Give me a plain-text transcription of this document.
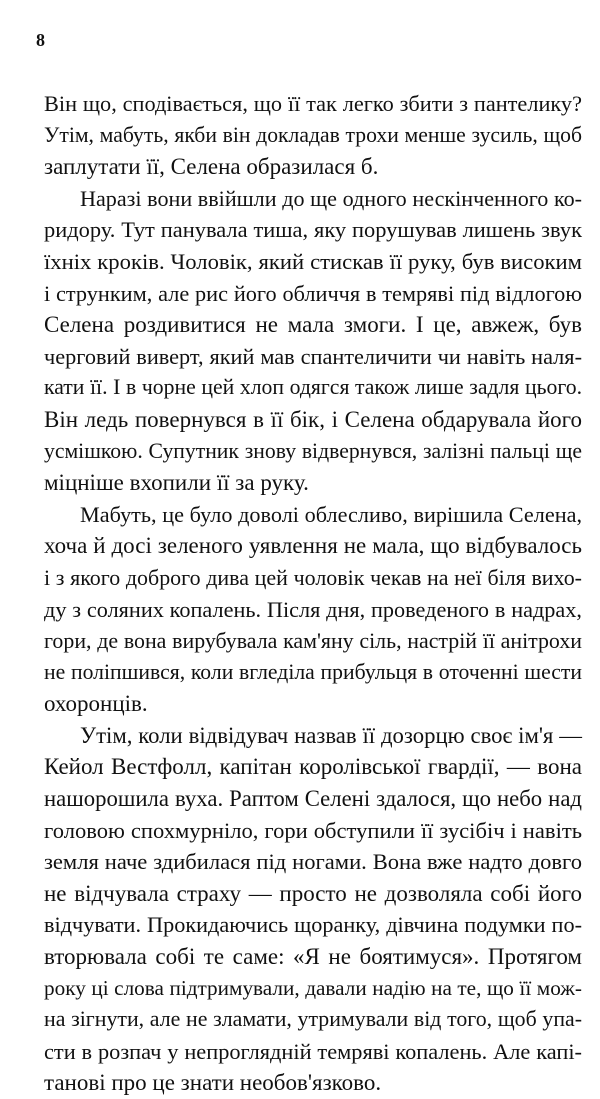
8
Він що, сподівається, що її так легко збити з пантелику?
Утім, мабуть, якби він докладав трохи менше зусиль, щоб
заплутати її, Селена образилася б.
Наразі вони ввійшли до ще одного нескінченного ко-
ридору. Тут панувала тиша, яку порушував лишень звук
їхніх кроків. Чоловік, який стискав її руку, був високим
і струнким, але рис його обличчя в темряві під відлогою
Селена роздивитися не мала змоги. І це, авжеж, був
черговий виверт, який мав спантеличити чи навіть наля-
кати її. І в чорне цей хлоп одягся також лише задля цього.
Він ледь повернувся в її бік, і Селена обдарувала його
усмішкою. Супутник знову відвернувся, залізні пальці ще
міцніше вхопили її за руку.
Мабуть, це було доволі облесливо, вирішила Селена,
хоча й досі зеленого уявлення не мала, що відбувалось
і з якого доброго дива цей чоловік чекав на неї біля вихо-
ду з соляних копалень. Після дня, проведеного в надрах,
гори, де вона вирубувала кам'яну сіль, настрій її анітрохи
не поліпшився, коли вгледіла прибульця в оточенні шести
охоронців.
Утім, коли відвідувач назвав її дозорцю своє ім'я —
Кейол Вестфолл, капітан королівської гвардії, — вона
нашорошила вуха. Раптом Селені здалося, що небо над
головою спохмурніло, гори обступили її зусібіч і навіть
земля наче здибилася під ногами. Вона вже надто довго
не відчувала страху — просто не дозволяла собі його
відчувати. Прокидаючись щоранку, дівчина подумки по-
вторювала собі те саме: «Я не боятимуся». Протягом
року ці слова підтримували, давали надію на те, що її мож-
на зігнути, але не зламати, утримували від того, щоб упа-
сти в розпач у непроглядній темряві копалень. Але капі-
танові про це знати необов'язково.
